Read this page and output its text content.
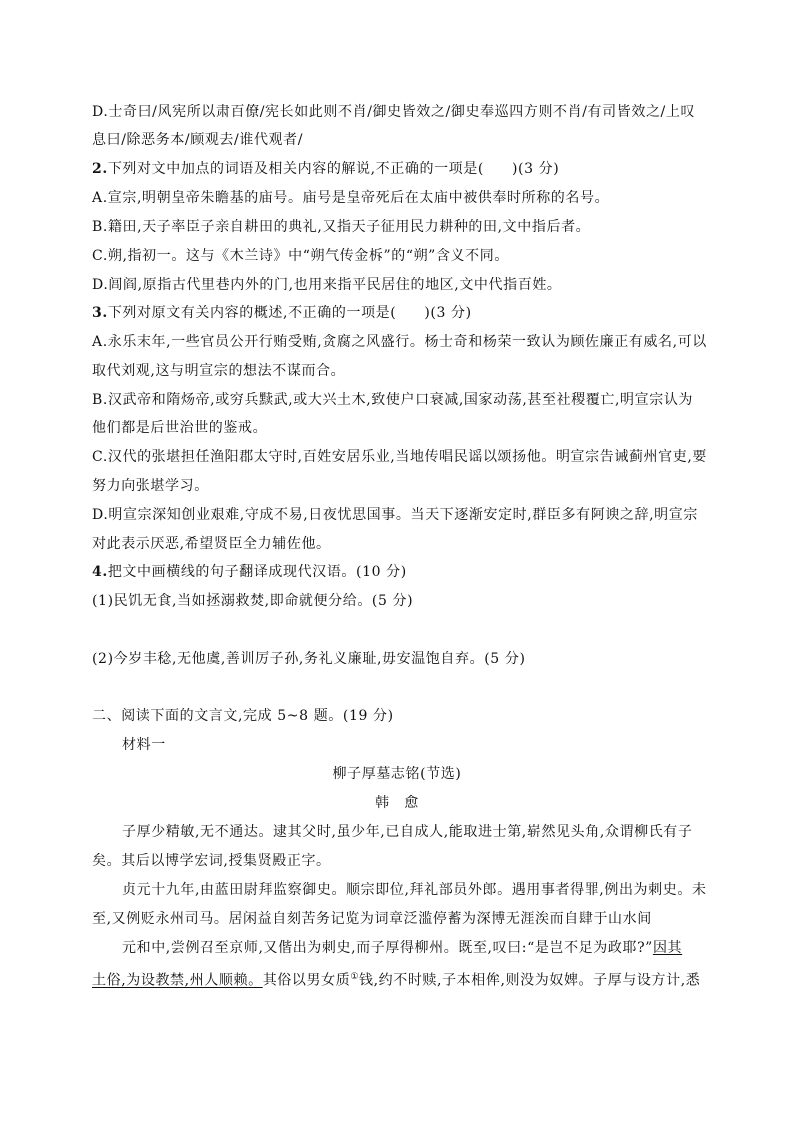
D.士奇曰/风宪所以肃百僚/宪长如此则不肖/御史皆效之/御史奉巡四方则不肖/有司皆效之/上叹
息曰/除恶务本/顾观去/谁代观者/
2.下列对文中加点的词语及相关内容的解说,不正确的一项是( )(3 分)
A.宣宗,明朝皇帝朱瞻基的庙号。庙号是皇帝死后在太庙中被供奉时所称的名号。
B.籍田,天子率臣子亲自耕田的典礼,又指天子征用民力耕种的田,文中指后者。
C.朔,指初一。这与《木兰诗》中“朔气传金柝”的“朔”含义不同。
D.闾阎,原指古代里巷内外的门,也用来指平民居住的地区,文中代指百姓。
3.下列对原文有关内容的概述,不正确的一项是( )(3 分)
A.永乐末年,一些官员公开行贿受贿,贪腐之风盛行。杨士奇和杨荣一致认为顾佐廉正有威名,可以
取代刘观,这与明宣宗的想法不谋而合。
B.汉武帝和隋炀帝,或穷兵黩武,或大兴土木,致使户口衰减,国家动荡,甚至社稷覆亡,明宣宗认为
他们都是后世治世的鉴戒。
C.汉代的张堪担任渔阳郡太守时,百姓安居乐业,当地传唱民谣以颂扬他。明宣宗告诫蓟州官吏,要
努力向张堪学习。
D.明宣宗深知创业艰难,守成不易,日夜忧思国事。当天下逐渐安定时,群臣多有阿谀之辞,明宣宗
对此表示厌恶,希望贤臣全力辅佐他。
4.把文中画横线的句子翻译成现代汉语。(10 分)
(1)民饥无食,当如拯溺救焚,即命就便分给。(5 分)
(2)今岁丰稔,无他虞,善训厉子孙,务礼义廉耻,毋安温饱自弃。(5 分)
二、阅读下面的文言文,完成 5~8 题。(19 分)
材料一
柳子厚墓志铭(节选)
韩　愈
子厚少精敏,无不通达。逮其父时,虽少年,已自成人,能取进士第,崭然见头角,众谓柳氏有子
矣。其后以博学宏词,授集贤殿正字。
贞元十九年,由蓝田尉拜监察御史。顺宗即位,拜礼部员外郎。遇用事者得罪,例出为刺史。未
至,又例贬永州司马。居闲益自刻苦务记览为词章泛滥停蓄为深博无涯涘而自肆于山水间
元和中,尝例召至京师,又偕出为刺史,而子厚得柳州。既至,叹曰:“是岂不足为政耶?”因其
土俗,为设教禁,州人顺赖。其俗以男女质①钱,约不时赎,子本相侔,则没为奴婢。子厚与设方计,悉
